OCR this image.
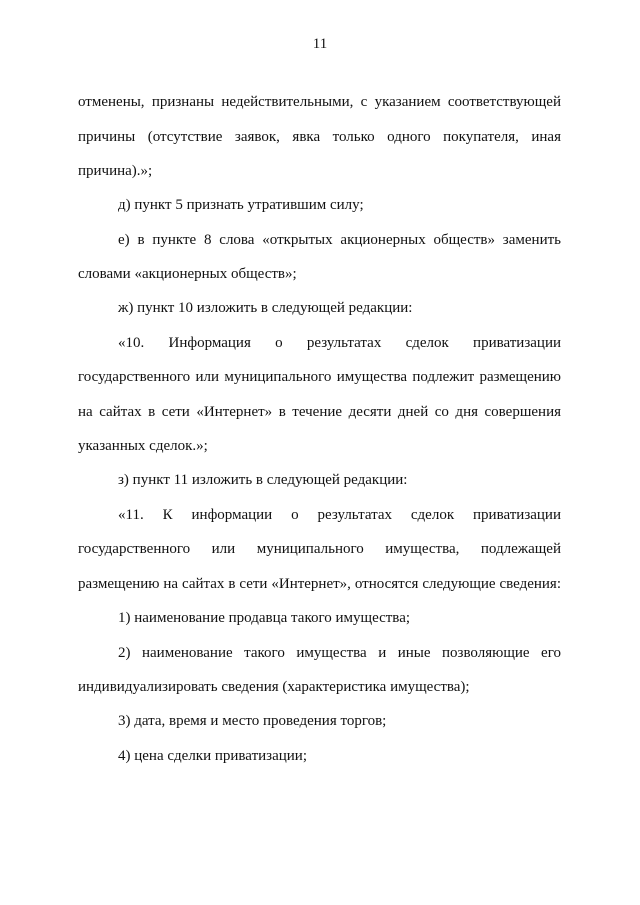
11
отменены, признаны недействительными, с указанием соответствующей
причины (отсутствие заявок, явка только одного покупателя, иная
причина).»;
д) пункт 5 признать утратившим силу;
е) в пункте 8 слова «открытых акционерных обществ» заменить
словами «акционерных обществ»;
ж) пункт 10 изложить в следующей редакции:
«10. Информация о результатах сделок приватизации
государственного или муниципального имущества подлежит размещению
на сайтах в сети «Интернет» в течение десяти дней со дня совершения
указанных сделок.»;
з) пункт 11 изложить в следующей редакции:
«11. К информации о результатах сделок приватизации
государственного или муниципального имущества, подлежащей
размещению на сайтах в сети «Интернет», относятся следующие сведения:
1) наименование продавца такого имущества;
2) наименование такого имущества и иные позволяющие его
индивидуализировать сведения (характеристика имущества);
3) дата, время и место проведения торгов;
4) цена сделки приватизации;
